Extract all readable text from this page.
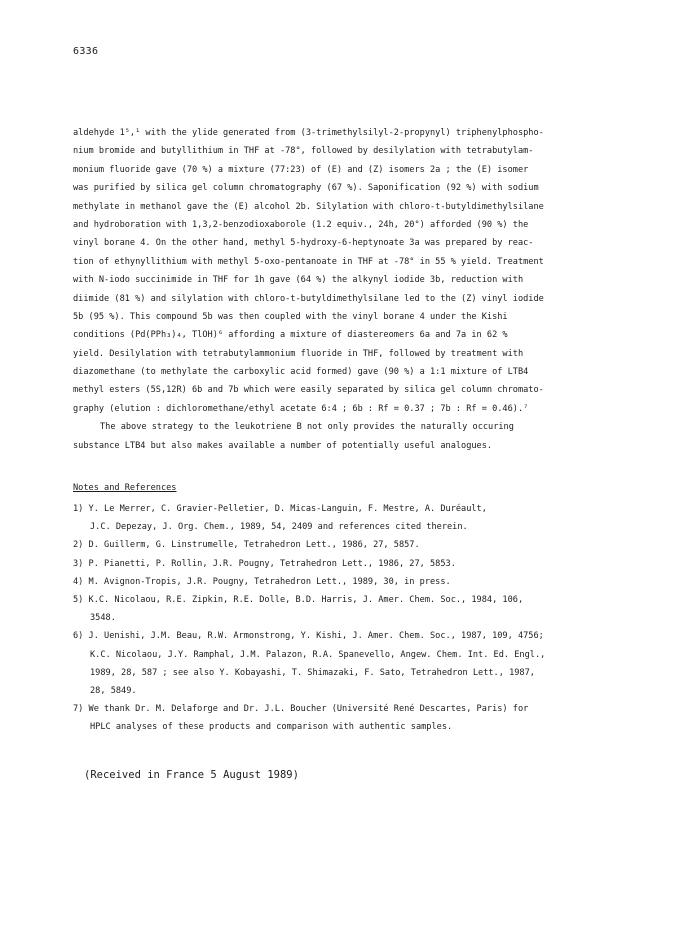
6336
aldehyde 1⁵,¹ with the ylide generated from (3-trimethylsilyl-2-propynyl) triphenylphospho-
nium bromide and butyllithium in THF at -78°, followed by desilylation with tetrabutylam-
monium fluoride gave (70 %) a mixture (77:23) of (E) and (Z) isomers 2a ; the (E) isomer
was purified by silica gel column chromatography (67 %). Saponification (92 %) with sodium
methylate in methanol gave the (E) alcohol 2b. Silylation with chloro-t-butyldimethylsilane
and hydroboration with 1,3,2-benzodioxaborole (1.2 equiv., 24h, 20°) afforded (90 %) the
vinyl borane 4. On the other hand, methyl 5-hydroxy-6-heptynoate 3a was prepared by reac-
tion of ethynyllithium with methyl 5-oxo-pentanoate in THF at -78° in 55 % yield. Treatment
with N-iodo succinimide in THF for 1h gave (64 %) the alkynyl iodide 3b, reduction with
diimide (81 %) and silylation with chloro-t-butyldimethylsilane led to the (Z) vinyl iodide
5b (95 %). This compound 5b was then coupled with the vinyl borane 4 under the Kishi
conditions (Pd(PPh₃)₄, TlOH)⁶ affording a mixture of diastereomers 6a and 7a in 62 %
yield. Desilylation with tetrabutylammonium fluoride in THF, followed by treatment with
diazomethane (to methylate the carboxylic acid formed) gave (90 %) a 1:1 mixture of LTB4
methyl esters (5S,12R) 6b and 7b which were easily separated by silica gel column chromato-
graphy (elution : dichloromethane/ethyl acetate 6:4 ; 6b : Rf = 0.37 ; 7b : Rf = 0.46).⁷
The above strategy to the leukotriene B not only provides the naturally occuring
substance LTB4 but also makes available a number of potentially useful analogues.
Notes and References
1) Y. Le Merrer, C. Gravier-Pelletier, D. Micas-Languin, F. Mestre, A. Duréault,
J.C. Depezay, J. Org. Chem., 1989, 54, 2409 and references cited therein.
2) D. Guillerm, G. Linstrumelle, Tetrahedron Lett., 1986, 27, 5857.
3) P. Pianetti, P. Rollin, J.R. Pougny, Tetrahedron Lett., 1986, 27, 5853.
4) M. Avignon-Tropis, J.R. Pougny, Tetrahedron Lett., 1989, 30, in press.
5) K.C. Nicolaou, R.E. Zipkin, R.E. Dolle, B.D. Harris, J. Amer. Chem. Soc., 1984, 106,
3548.
6) J. Uenishi, J.M. Beau, R.W. Armonstrong, Y. Kishi, J. Amer. Chem. Soc., 1987, 109, 4756;
K.C. Nicolaou, J.Y. Ramphal, J.M. Palazon, R.A. Spanevello, Angew. Chem. Int. Ed. Engl.,
1989, 28, 587 ; see also Y. Kobayashi, T. Shimazaki, F. Sato, Tetrahedron Lett., 1987,
28, 5849.
7) We thank Dr. M. Delaforge and Dr. J.L. Boucher (Université René Descartes, Paris) for
HPLC analyses of these products and comparison with authentic samples.
(Received in France 5 August 1989)
